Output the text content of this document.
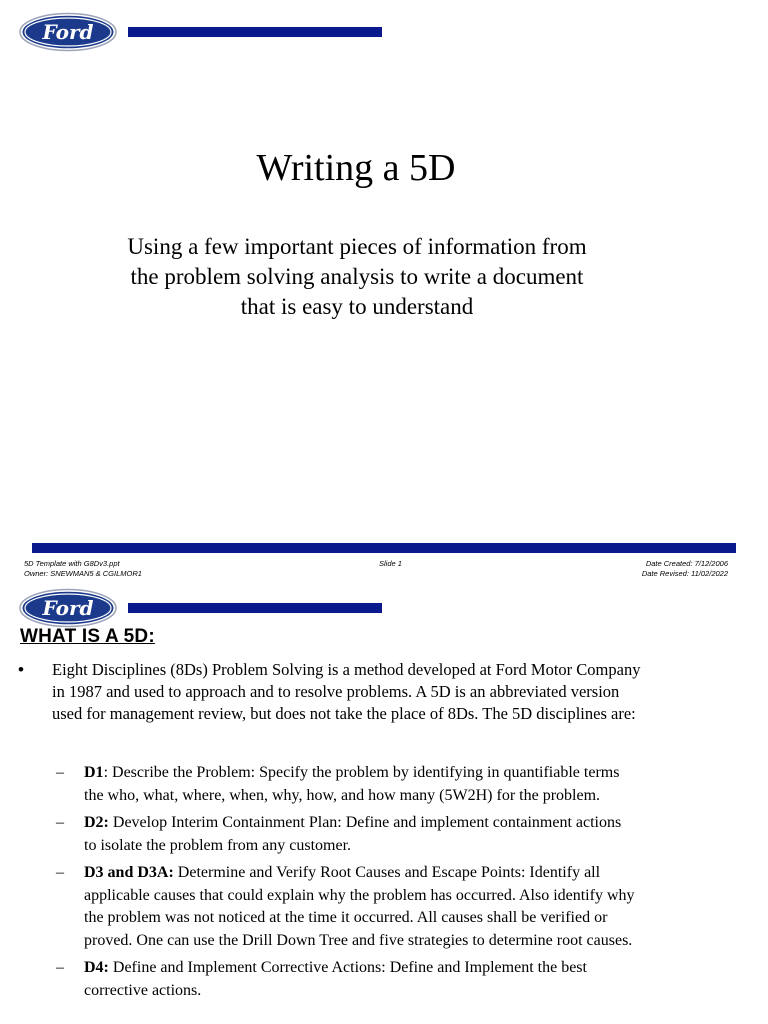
Ford
Writing a 5D
Using a few important pieces of information from
the problem solving analysis to write a document
that is easy to understand
5D Template with G8Dv3.ppt
Owner: SNEWMAN5 & CGILMOR1
Slide 1	Date Created: 7/12/2006
Date Revised: 11/02/2022
Ford
WHAT IS A 5D:
•	Eight Disciplines (8Ds) Problem Solving is a method developed at Ford Motor Company
in 1987 and used to approach and to resolve problems. A 5D is an abbreviated version
used for management review, but does not take the place of 8Ds. The 5D disciplines are:
–	D1: Describe the Problem: Specify the problem by identifying in quantifiable terms
the who, what, where, when, why, how, and how many (5W2H) for the problem.
–	D2: Develop Interim Containment Plan: Define and implement containment actions
to isolate the problem from any customer.
–	D3 and D3A: Determine and Verify Root Causes and Escape Points: Identify all
applicable causes that could explain why the problem has occurred. Also identify why
the problem was not noticed at the time it occurred. All causes shall be verified or
proved. One can use the Drill Down Tree and five strategies to determine root causes.
–	D4: Define and Implement Corrective Actions: Define and Implement the best
corrective actions.
